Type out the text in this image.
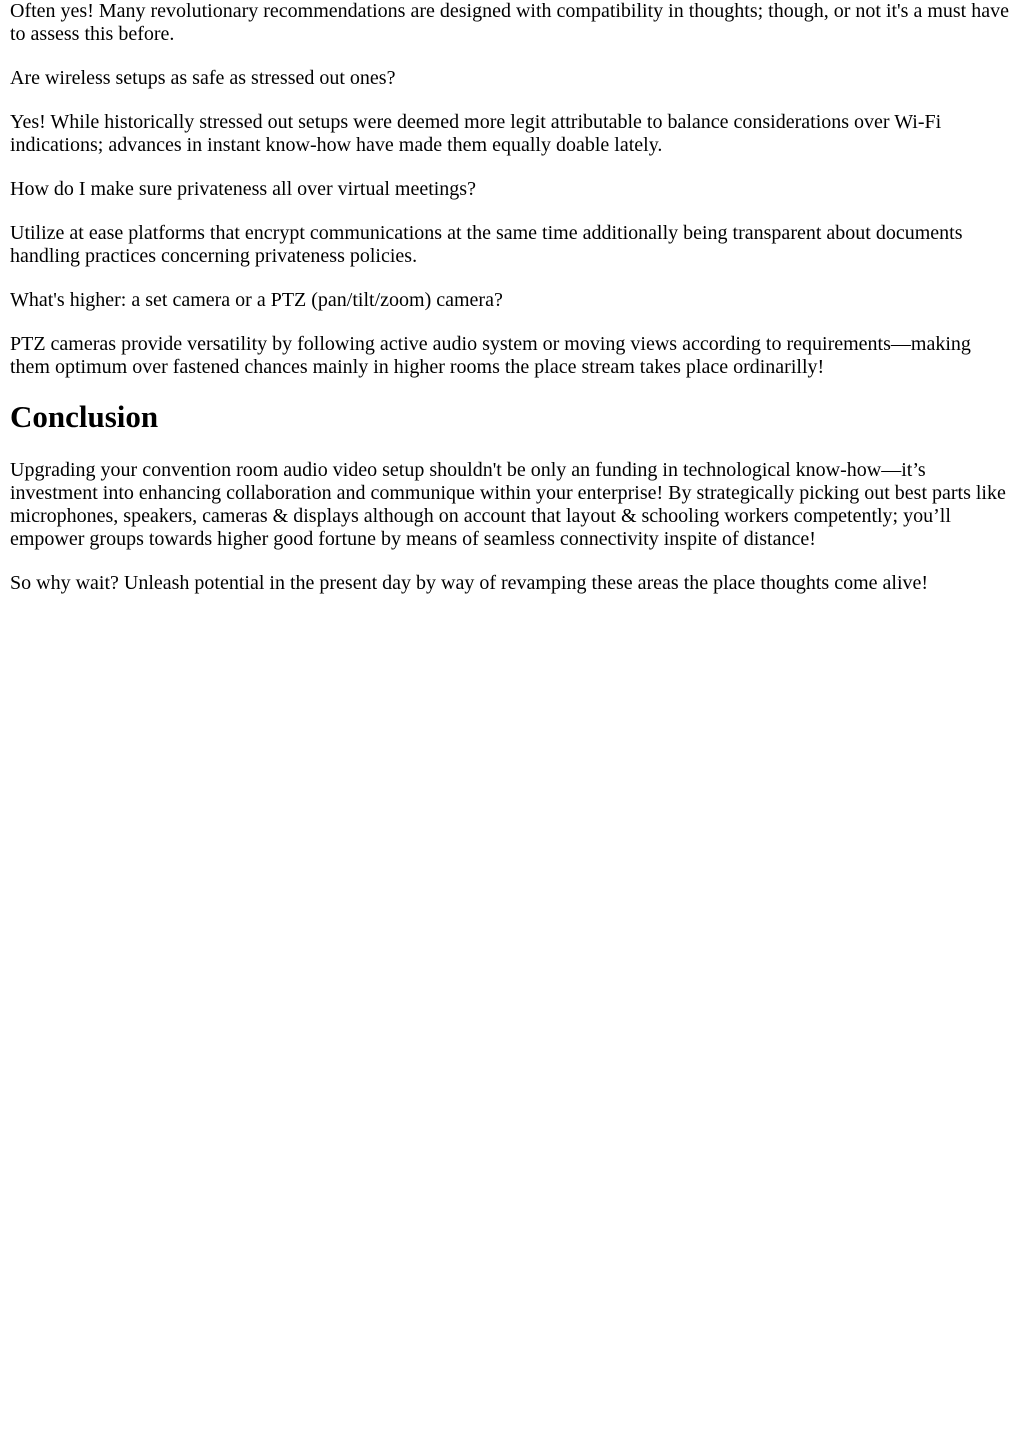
Often yes! Many revolutionary recommendations are designed with compatibility in thoughts; though, or not it's a must have to assess this before.

Are wireless setups as safe as stressed out ones?

Yes! While historically stressed out setups were deemed more legit attributable to balance considerations over Wi-Fi indications; advances in instant know-how have made them equally doable lately.

How do I make sure privateness all over virtual meetings?

Utilize at ease platforms that encrypt communications at the same time additionally being transparent about documents handling practices concerning privateness policies.

What's higher: a set camera or a PTZ (pan/tilt/zoom) camera?

PTZ cameras provide versatility by following active audio system or moving views according to requirements—making them optimum over fastened chances mainly in higher rooms the place stream takes place ordinarilly!

Conclusion

Upgrading your convention room audio video setup shouldn't be only an funding in technological know-how—it’s investment into enhancing collaboration and communique within your enterprise! By strategically picking out best parts like microphones, speakers, cameras & displays although on account that layout & schooling workers competently; you’ll empower groups towards higher good fortune by means of seamless connectivity inspite of distance!

So why wait? Unleash potential in the present day by way of revamping these areas the place thoughts come alive!
